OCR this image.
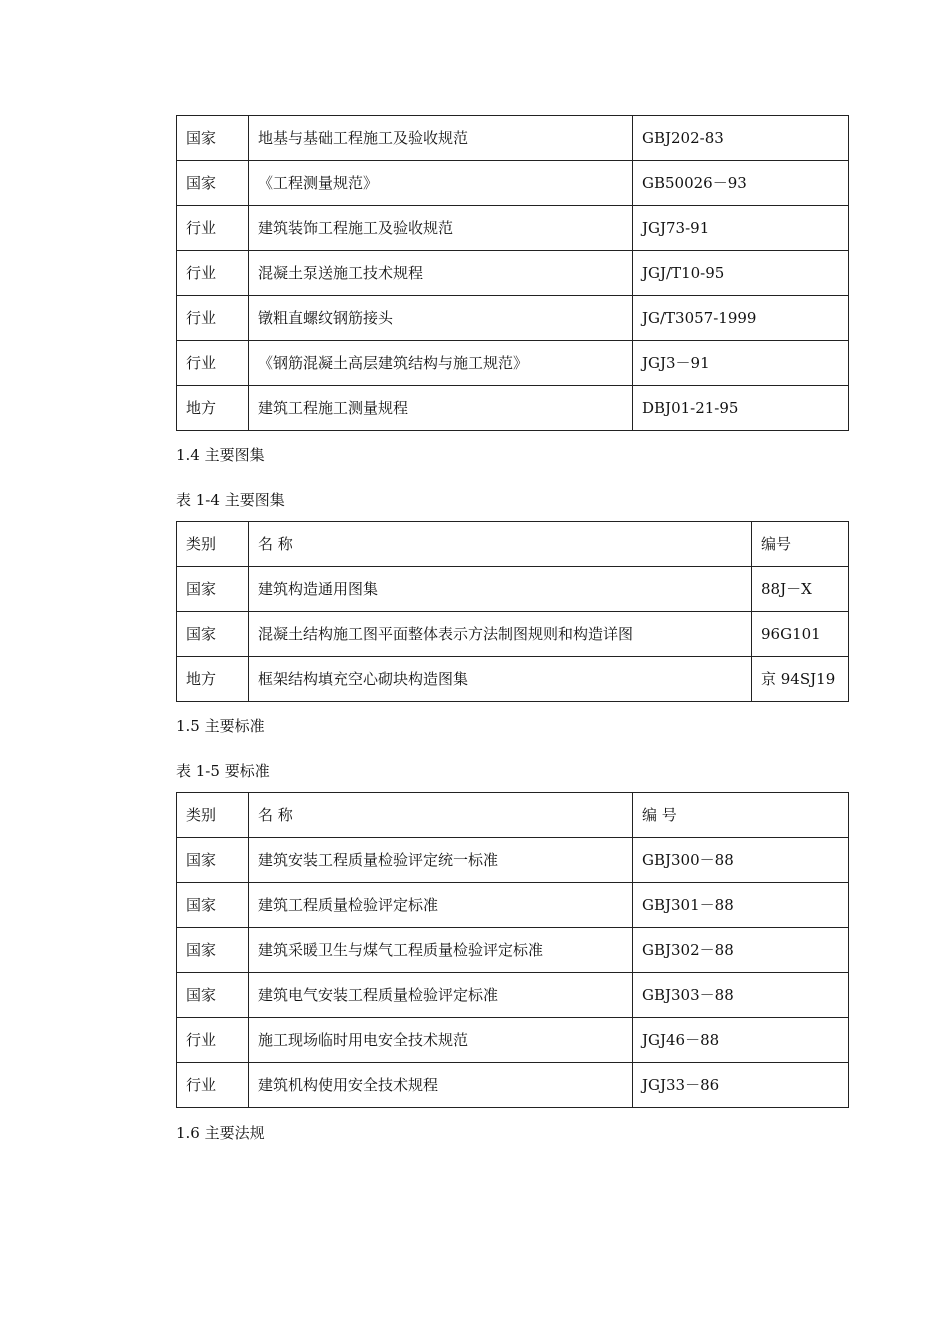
国家	地基与基础工程施工及验收规范	GBJ202-83
国家	《工程测量规范》	GB50026－93
行业	建筑装饰工程施工及验收规范	JGJ73-91
行业	混凝土泵送施工技术规程	JGJ/T10-95
行业	镦粗直螺纹钢筋接头	JG/T3057-1999
行业	《钢筋混凝土高层建筑结构与施工规范》	JGJ3－91
地方	建筑工程施工测量规程	DBJ01-21-95
1.4 主要图集
表 1-4 主要图集
类别	名 称	编号
国家	建筑构造通用图集	88J－X
国家	混凝土结构施工图平面整体表示方法制图规则和构造详图	96G101
地方	框架结构填充空心砌块构造图集	京 94SJ19
1.5 主要标准
表 1-5 要标准
类别	名 称	编 号
国家	建筑安装工程质量检验评定统一标准	GBJ300－88
国家	建筑工程质量检验评定标准	GBJ301－88
国家	建筑采暖卫生与煤气工程质量检验评定标准	GBJ302－88
国家	建筑电气安装工程质量检验评定标准	GBJ303－88
行业	施工现场临时用电安全技术规范	JGJ46－88
行业	建筑机构使用安全技术规程	JGJ33－86
1.6 主要法规
